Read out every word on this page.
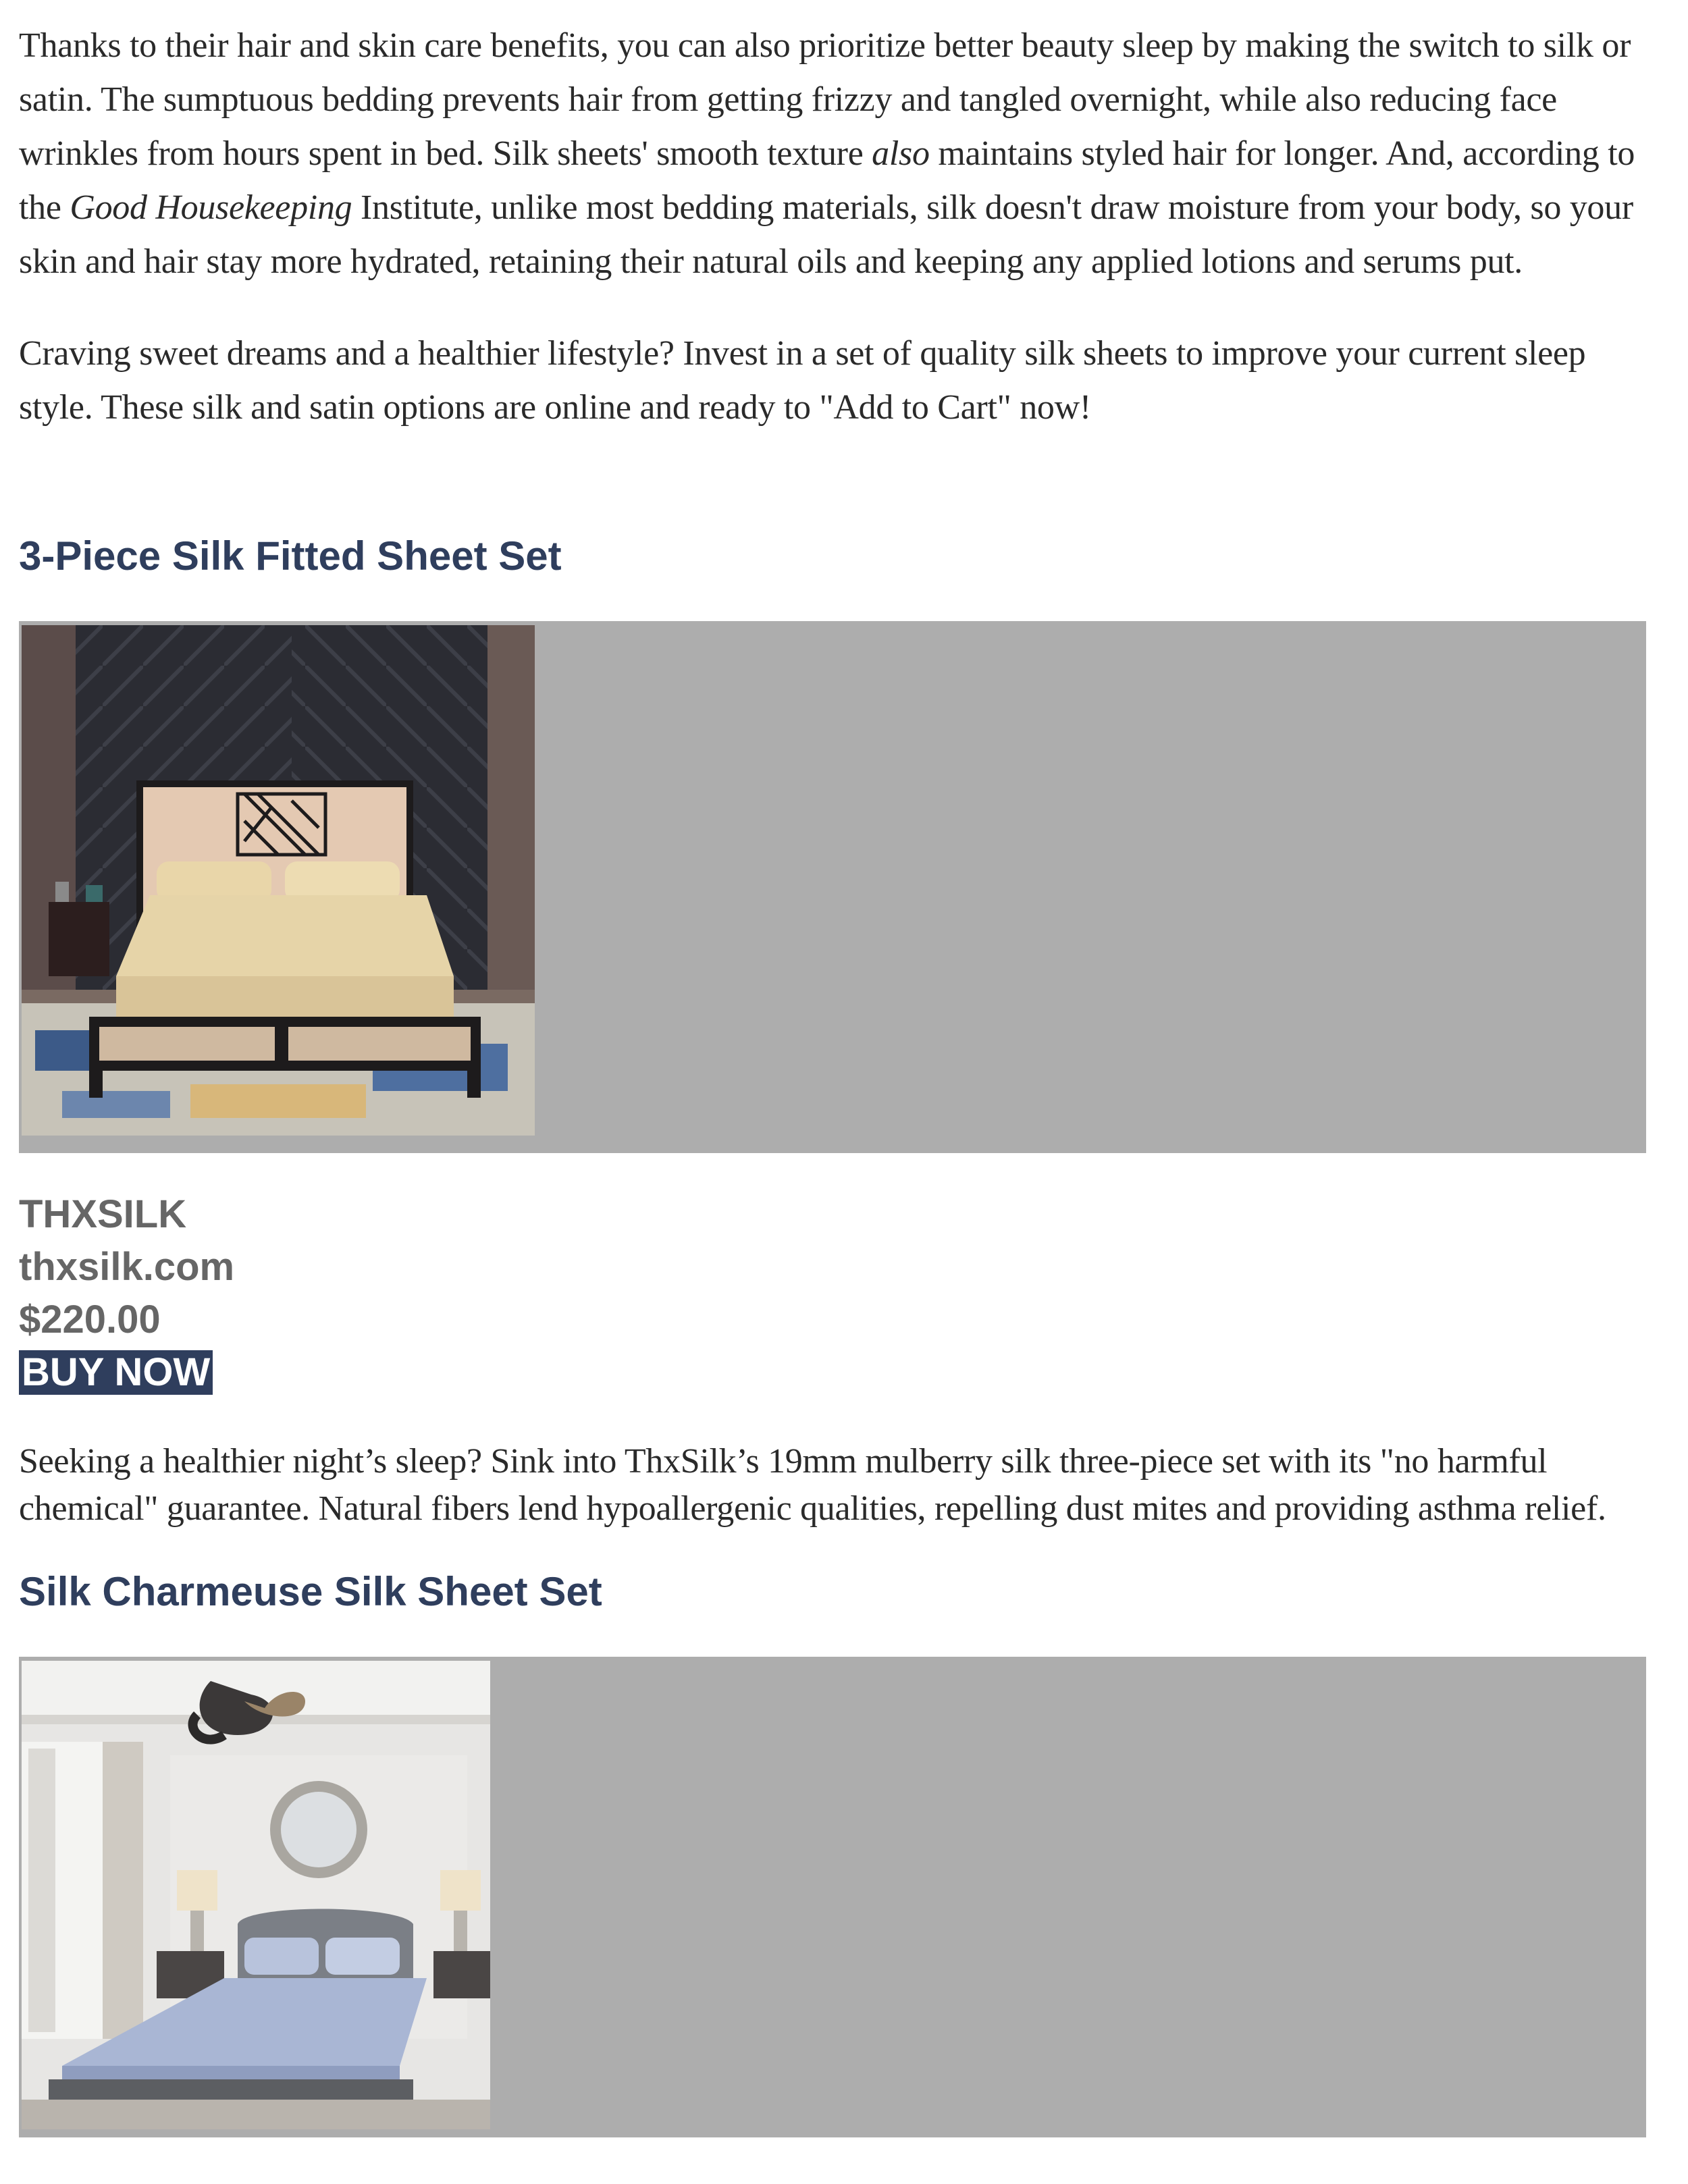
Thanks to their hair and skin care benefits, you can also prioritize better beauty sleep by making the switch to silk or satin. The sumptuous bedding prevents hair from getting frizzy and tangled overnight, while also reducing face wrinkles from hours spent in bed. Silk sheets' smooth texture also maintains styled hair for longer. And, according to the Good Housekeeping Institute, unlike most bedding materials, silk doesn't draw moisture from your body, so your skin and hair stay more hydrated, retaining their natural oils and keeping any applied lotions and serums put.

Craving sweet dreams and a healthier lifestyle? Invest in a set of quality silk sheets to improve your current sleep style. These silk and satin options are online and ready to "Add to Cart" now!

3-Piece Silk Fitted Sheet Set

THXSILK

thxsilk.com

$220.00

BUY NOW

Seeking a healthier night’s sleep? Sink into ThxSilk’s 19mm mulberry silk three-piece set with its "no harmful chemical" guarantee. Natural fibers lend hypoallergenic qualities, repelling dust mites and providing asthma relief.

Silk Charmeuse Silk Sheet Set
